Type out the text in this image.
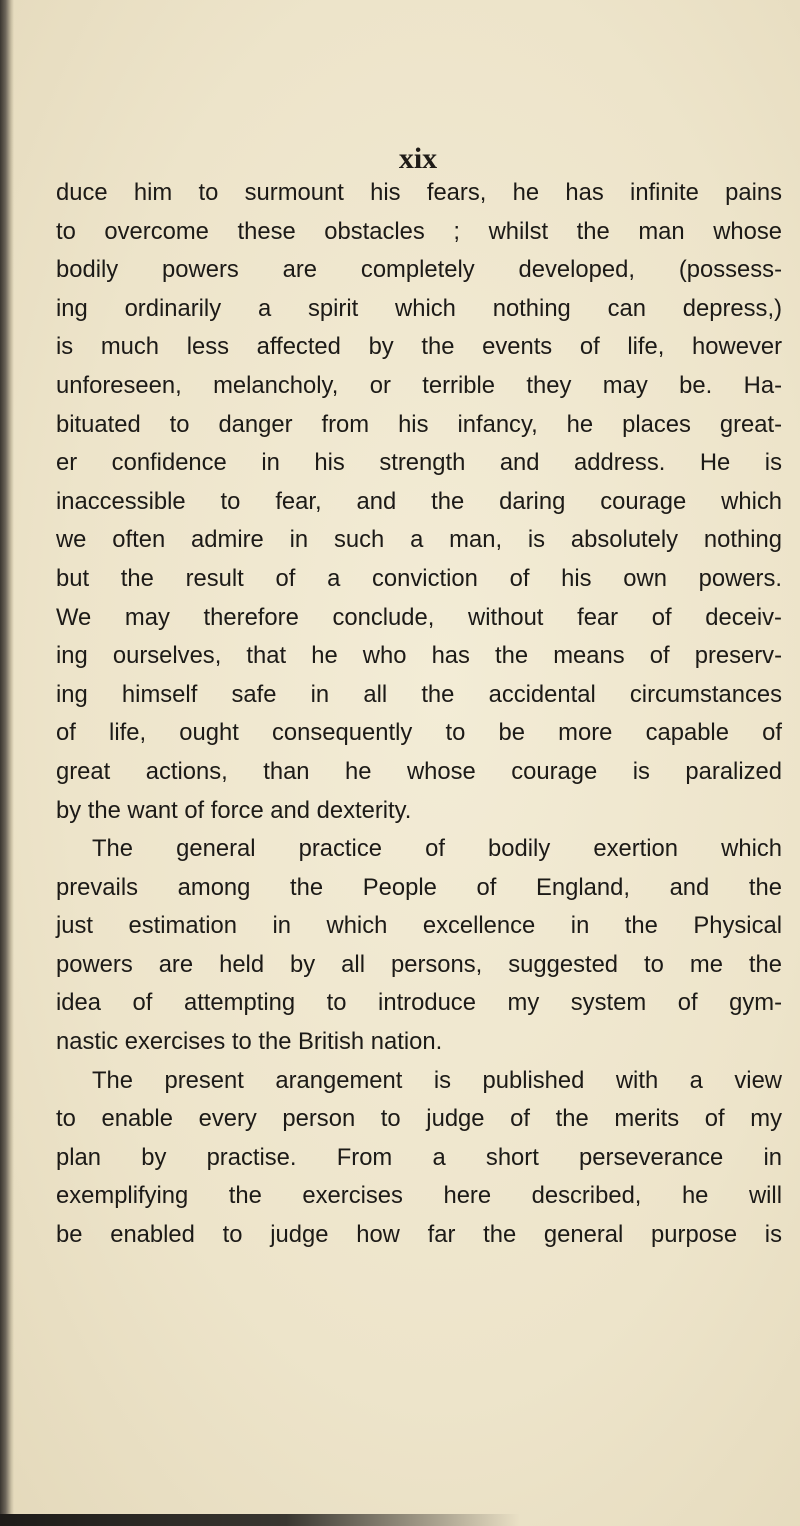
xix
duce him to surmount his fears, he has infinite pains
to overcome these obstacles ; whilst the man whose
bodily powers are completely developed, (possess-
ing ordinarily a spirit which nothing can depress,)
is much less affected by the events of life, however
unforeseen, melancholy, or terrible they may be. Ha-
bituated to danger from his infancy, he places great-
er confidence in his strength and address. He is
inaccessible to fear, and the daring courage which
we often admire in such a man, is absolutely nothing
but the result of a conviction of his own powers.
We may therefore conclude, without fear of deceiv-
ing ourselves, that he who has the means of preserv-
ing himself safe in all the accidental circumstances
of life, ought consequently to be more capable of
great actions, than he whose courage is paralized
by the want of force and dexterity.
The general practice of bodily exertion which
prevails among the People of England, and the
just estimation in which excellence in the Physical
powers are held by all persons, suggested to me the
idea of attempting to introduce my system of gym-
nastic exercises to the British nation.
The present arangement is published with a view
to enable every person to judge of the merits of my
plan by practise. From a short perseverance in
exemplifying the exercises here described, he will
be enabled to judge how far the general purpose is
